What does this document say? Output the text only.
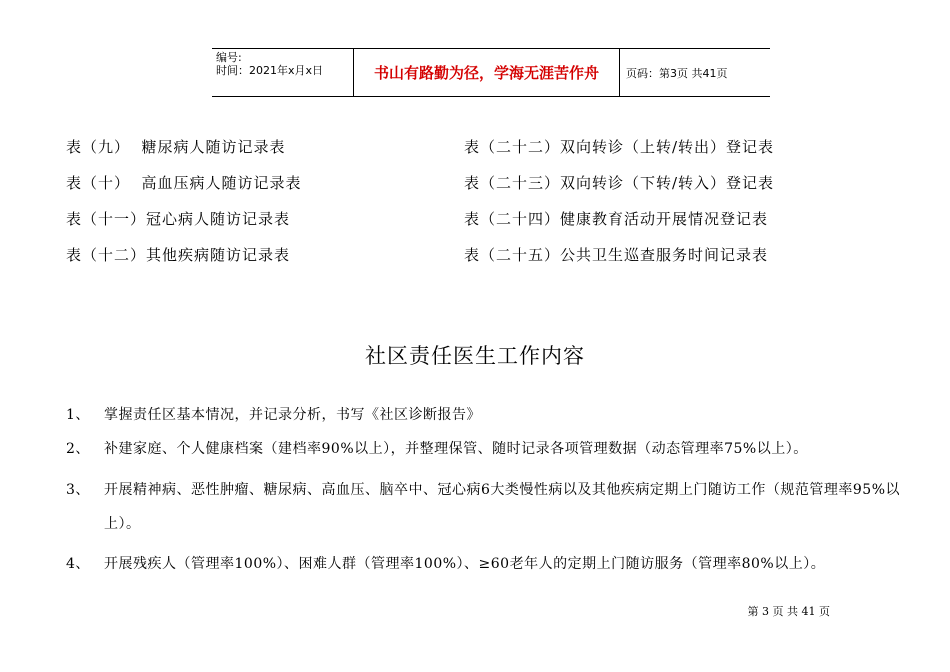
编号:
时间：2021年x月x日	书山有路勤为径，学海无涯苦作舟	页码：第3页 共41页
表（九）  糖尿病人随访记录表	表（二十二）双向转诊（上转/转出）登记表
表（十）  高血压病人随访记录表	表（二十三）双向转诊（下转/转入）登记表
表（十一）冠心病人随访记录表	表（二十四）健康教育活动开展情况登记表
表（十二）其他疾病随访记录表	表（二十五）公共卫生巡查服务时间记录表
社区责任医生工作内容
1、	掌握责任区基本情况，并记录分析，书写《社区诊断报告》
2、	补建家庭、个人健康档案（建档率90%以上），并整理保管、随时记录各项管理数据（动态管理率75%以上）。
3、	开展精神病、恶性肿瘤、糖尿病、高血压、脑卒中、冠心病6大类慢性病以及其他疾病定期上门随访工作（规范管理率95%以上）。
4、	开展残疾人（管理率100%）、困难人群（管理率100%）、≥60老年人的定期上门随访服务（管理率80%以上）。
第 3 页 共 41 页
